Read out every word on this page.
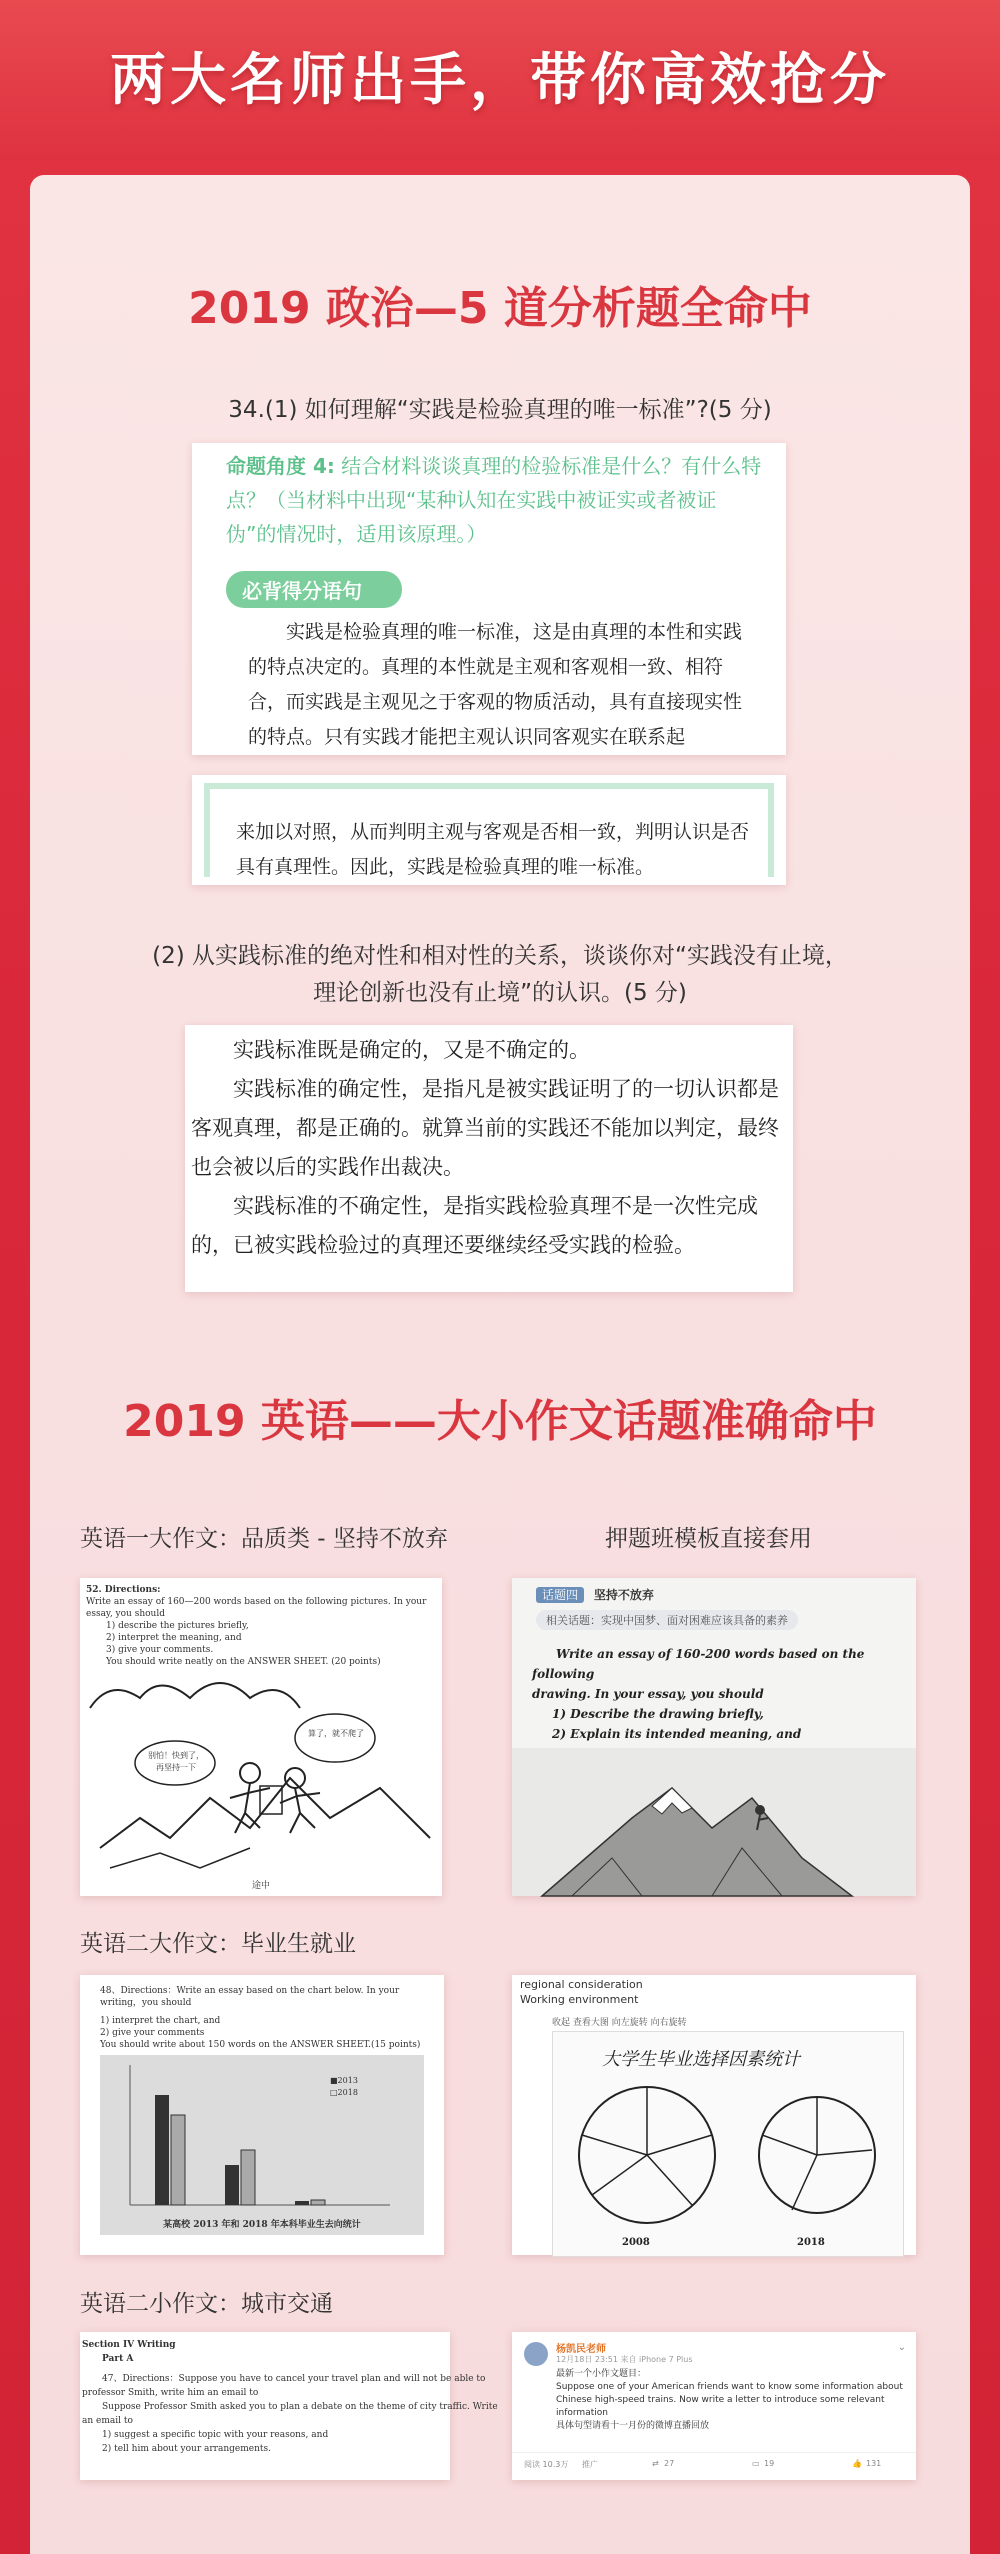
两大名师出手，带你高效抢分
2019 政治—5 道分析题全命中
34.(1) 如何理解“实践是检验真理的唯一标准”?(5 分)
命题角度 4: 结合材料谈谈真理的检验标准是什么？有什么特点？（当材料中出现“某种认知在实践中被证实或者被证伪”的情况时，适用该原理。）
必背得分语句
实践是检验真理的唯一标准，这是由真理的本性和实践的特点决定的。真理的本性就是主观和客观相一致、相符合，而实践是主观见之于客观的物质活动，具有直接现实性的特点。只有实践才能把主观认识同客观实在联系起
来加以对照，从而判明主观与客观是否相一致，判明认识是否具有真理性。因此，实践是检验真理的唯一标准。
(2) 从实践标准的绝对性和相对性的关系，谈谈你对“实践没有止境，
理论创新也没有止境”的认识。(5 分)
实践标准既是确定的，又是不确定的。
实践标准的确定性，是指凡是被实践证明了的一切认识都是客观真理，都是正确的。就算当前的实践还不能加以判定，最终也会被以后的实践作出裁决。
实践标准的不确定性，是指实践检验真理不是一次性完成的，已被实践检验过的真理还要继续经受实践的检验。
2019 英语——大小作文话题准确命中
英语一大作文：品质类 - 坚持不放弃	押题班模板直接套用
52. Directions:
Write an essay of 160—200 words based on the following pictures. In your essay, you should
1) describe the pictures briefly,
2) interpret the meaning, and
3) give your comments.
You should write neatly on the ANSWER SHEET. (20 points)
别怕！快到了，再坚持一下
算了，就不爬了
途中
话题四 坚持不放弃
相关话题：实现中国梦、面对困难应该具备的素养
Write an essay of 160-200 words based on the following
drawing. In your essay, you should
1) Describe the drawing briefly,
2) Explain its intended meaning, and
英语二大作文：毕业生就业
48、Directions：Write an essay based on the chart below. In your writing，you should
1) interpret the chart, and
2) give your comments
You should write about 150 words on the ANSWER SHEET.(15 points)
■2013
□2018
某高校 2013 年和 2018 年本科毕业生去向统计
regional consideration
Working environment
收起 查看大图 向左旋转 向右旋转
大学生毕业选择因素统计
2008	2018
英语二小作文：城市交通
Section IV Writing
Part A
47、Directions：Suppose you have to cancel your travel plan and will not be able to
professor Smith, write him an email to
Suppose Professor Smith asked you to plan a debate on the theme of city traffic. Write
an email to
1) suggest a specific topic with your reasons, and
2) tell him about your arrangements.
杨凯民老师
12月18日 23:51 来自 iPhone 7 Plus
⌄
最新一个小作文题目：
Suppose one of your American friends want to know some information about
Chinese high-speed trains. Now write a letter to introduce some relevant
information
具体句型请看十一月份的微博直播回放
阅读 10.3万 推广	⇄ 27	▭ 19	👍 131
